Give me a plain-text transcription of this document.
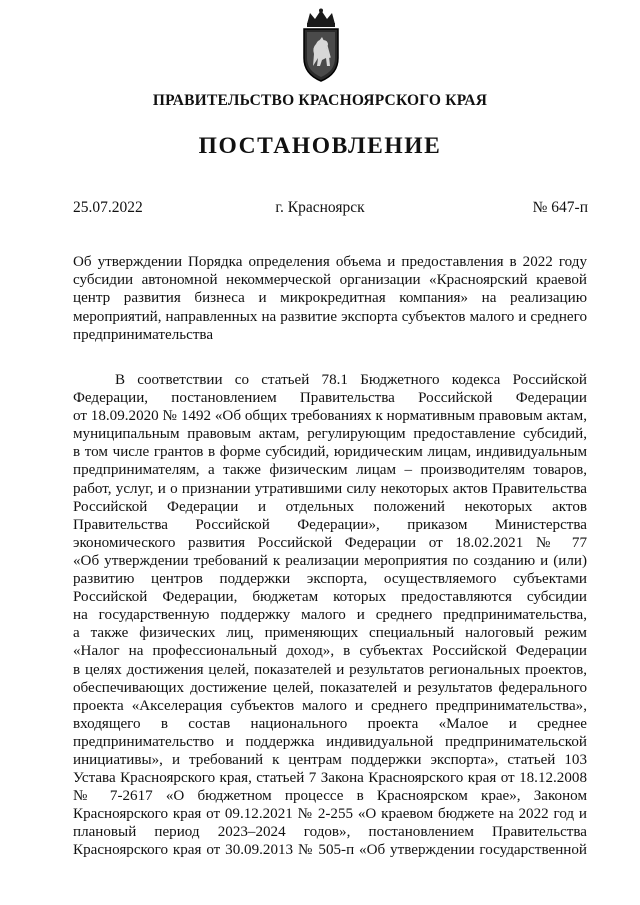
ПРАВИТЕЛЬСТВО КРАСНОЯРСКОГО КРАЯ
ПОСТАНОВЛЕНИЕ
25.07.2022	г. Красноярск	№ 647-п
Об утверждении Порядка определения объема и предоставления в 2022 году
субсидии автономной некоммерческой организации «Красноярский краевой
центр развития бизнеса и микрокредитная компания» на реализацию
мероприятий, направленных на развитие экспорта субъектов малого и среднего
предпринимательства
В соответствии со статьей 78.1 Бюджетного кодекса Российской
Федерации, постановлением Правительства Российской Федерации
от 18.09.2020 № 1492 «Об общих требованиях к нормативным правовым актам,
муниципальным правовым актам, регулирующим предоставление субсидий,
в том числе грантов в форме субсидий, юридическим лицам, индивидуальным
предпринимателям, а также физическим лицам – производителям товаров,
работ, услуг, и о признании утратившими силу некоторых актов Правительства
Российской Федерации и отдельных положений некоторых актов
Правительства Российской Федерации», приказом Министерства
экономического развития Российской Федерации от 18.02.2021 № 77
«Об утверждении требований к реализации мероприятия по созданию и (или)
развитию центров поддержки экспорта, осуществляемого субъектами
Российской Федерации, бюджетам которых предоставляются субсидии
на государственную поддержку малого и среднего предпринимательства,
а также физических лиц, применяющих специальный налоговый режим
«Налог на профессиональный доход», в субъектах Российской Федерации
в целях достижения целей, показателей и результатов региональных проектов,
обеспечивающих достижение целей, показателей и результатов федерального
проекта «Акселерация субъектов малого и среднего предпринимательства»,
входящего в состав национального проекта «Малое и среднее
предпринимательство и поддержка индивидуальной предпринимательской
инициативы», и требований к центрам поддержки экспорта», статьей 103
Устава Красноярского края, статьей 7 Закона Красноярского края от 18.12.2008
№ 7-2617 «О бюджетном процессе в Красноярском крае», Законом
Красноярского края от 09.12.2021 № 2-255 «О краевом бюджете на 2022 год и
плановый период 2023–2024 годов», постановлением Правительства
Красноярского края от 30.09.2013 № 505-п «Об утверждении государственной
